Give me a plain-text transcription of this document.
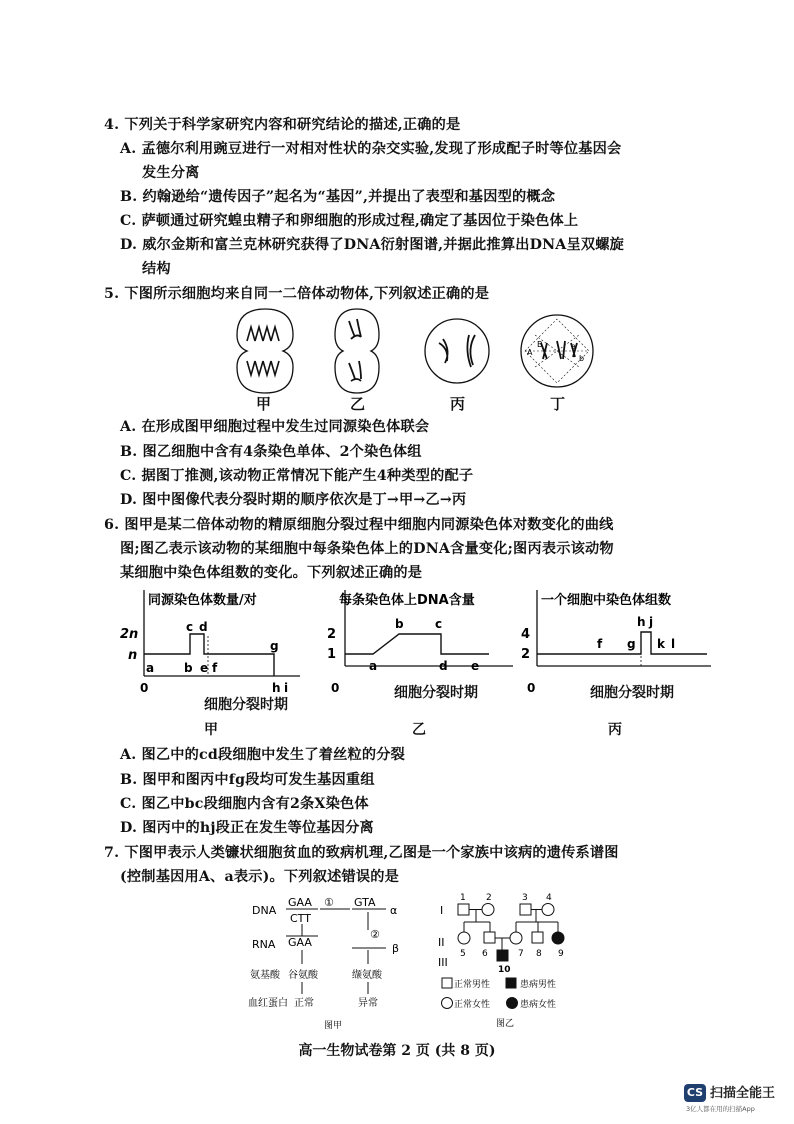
4. 下列关于科学家研究内容和研究结论的描述,正确的是
A. 孟德尔利用豌豆进行一对相对性状的杂交实验,发现了形成配子时等位基因会
发生分离
B. 约翰逊给“遗传因子”起名为“基因”,并提出了表型和基因型的概念
C. 萨顿通过研究蝗虫精子和卵细胞的形成过程,确定了基因位于染色体上
D. 威尔金斯和富兰克林研究获得了DNA衍射图谱,并据此推算出DNA呈双螺旋
结构
5. 下图所示细胞均来自同一二倍体动物体,下列叙述正确的是
A
B	a
b
甲	乙	丙	丁
A. 在形成图甲细胞过程中发生过同源染色体联会
B. 图乙细胞中含有4条染色单体、2个染色体组
C. 据图丁推测,该动物正常情况下能产生4种类型的配子
D. 图中图像代表分裂时期的顺序依次是丁→甲→乙→丙
6. 图甲是某二倍体动物的精原细胞分裂过程中细胞内同源染色体对数变化的曲线
图;图乙表示该动物的某细胞中每条染色体上的DNA含量变化;图丙表示该动物
某细胞中染色体组数的变化。下列叙述正确的是
同源染色体数量/对
2n
n
0
a b
c d
e f
g
h i
细胞分裂时期
甲
每条染色体上DNA含量
2
1
0
a
b	c
d e
细胞分裂时期
乙
一个细胞中染色体组数
4
2
0
f g
h j
k l
细胞分裂时期
丙
A. 图乙中的cd段细胞中发生了着丝粒的分裂
B. 图甲和图丙中fg段均可发生基因重组
C. 图乙中bc段细胞内含有2条X染色体
D. 图丙中的hj段正在发生等位基因分离
7. 下图甲表示人类镰状细胞贫血的致病机理,乙图是一个家族中该病的遗传系谱图
(控制基因用A、a表示)。下列叙述错误的是
DNA
GAA
CTT
① GTA
α
RNA GAA
②
β
氨基酸 谷氨酸	缬氨酸
血红蛋白 正常	异常
图甲
I
II
III
1 2	3 4
5 6	7 8 9
10
正常男性	患病男性
正常女性	患病女性
图乙
高一生物试卷第 2 页 (共 8 页)
CS 扫描全能王
3亿人都在用的扫描App
